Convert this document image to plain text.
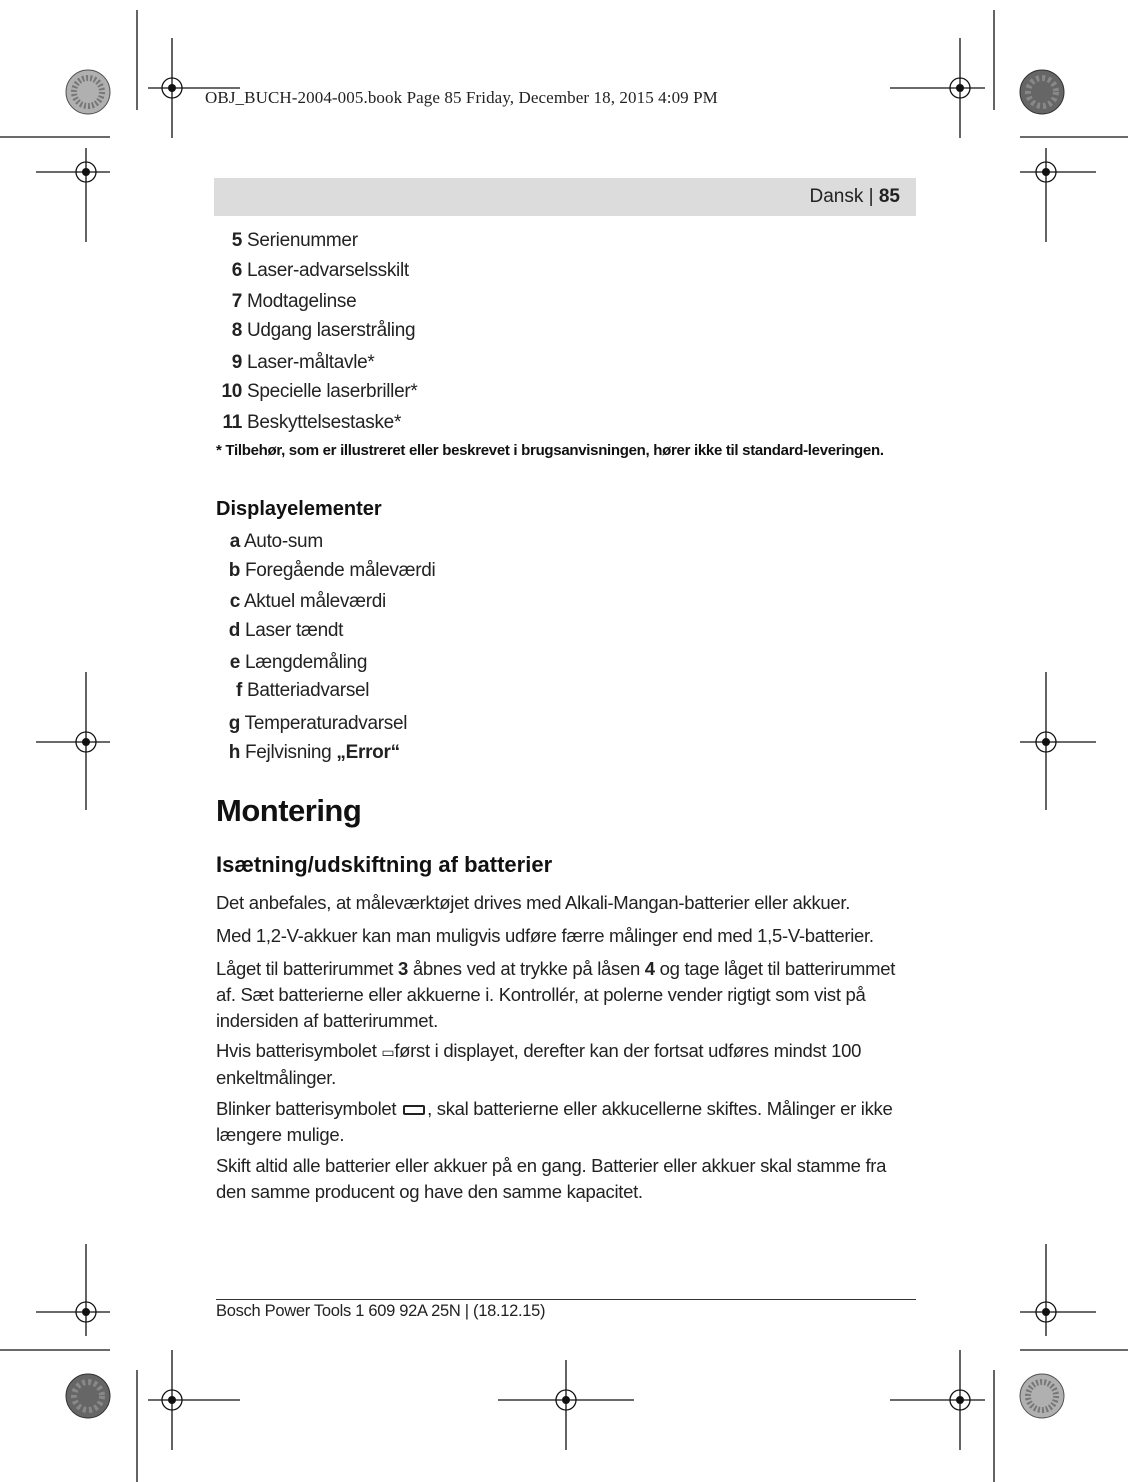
OBJ_BUCH-2004-005.book Page 85 Friday, December 18, 2015 4:09 PM
Dansk | 85
5 Serienummer
6 Laser-advarselsskilt
7 Modtagelinse
8 Udgang laserstråling
9 Laser-måltavle*
10 Specielle laserbriller*
11 Beskyttelsestaske*
* Tilbehør, som er illustreret eller beskrevet i brugsanvisningen, hører ikke til standard-leveringen.
Displayelementer
a Auto-sum
b Foregående måleværdi
c Aktuel måleværdi
d Laser tændt
e Længdemåling
f Batteriadvarsel
g Temperaturadvarsel
h Fejlvisning „Error“
Montering
Isætning/udskiftning af batterier
Det anbefales, at måleværktøjet drives med Alkali-Mangan-batterier eller akkuer.
Med 1,2-V-akkuer kan man muligvis udføre færre målinger end med 1,5-V-batterier.
Låget til batterirummet 3 åbnes ved at trykke på låsen 4 og tage låget til batterirummet af. Sæt batterierne eller akkuerne i. Kontrollér, at polerne vender rigtigt som vist på indersiden af batterirummet.
Hvis batterisymbolet ▭først i displayet, derefter kan der fortsat udføres mindst 100 enkeltmålinger.
Blinker batterisymbolet , skal batterierne eller akkucellerne skiftes. Målinger er ikke længere mulige.
Skift altid alle batterier eller akkuer på en gang. Batterier eller akkuer skal stamme fra den samme producent og have den samme kapacitet.
Bosch Power Tools 1 609 92A 25N | (18.12.15)
